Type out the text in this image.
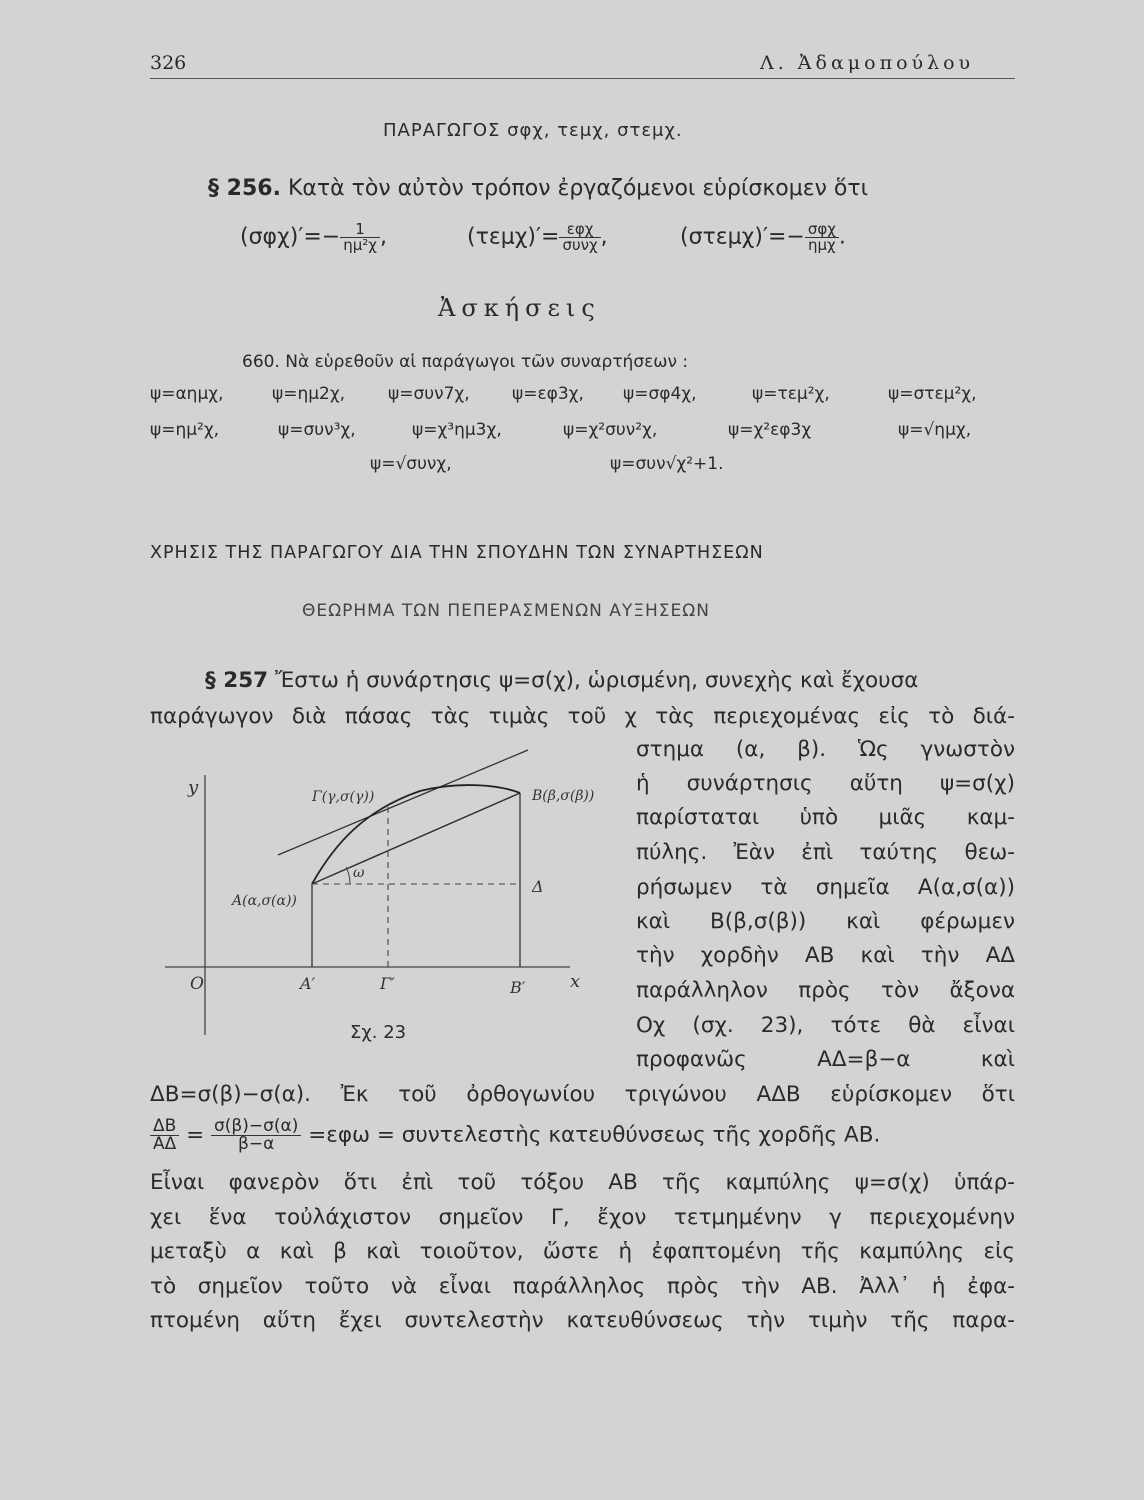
326	Λ. Ἀδαμοπούλου
ΠΑΡΑΓΩΓΟΣ σφχ, τεμχ, στεμχ.
§ 256. Κατὰ τὸν αὐτὸν τρόπον ἐργαζόμενοι εὑρίσκομεν ὅτι
$(\sigma\varphi\chi)'=- \frac{1}{\text{ημ²χ}}$ ,	$(\tau\varepsilon\mu\chi)'= \frac{\text{εφχ}}{\text{συνχ}}$ ,	$(\sigma\tau\varepsilon\mu\chi)'=- \frac{\text{σφχ}}{\text{ημχ}}$ .
Ἀσκήσεις
660. Νὰ εὑρεθοῦν αἱ παράγωγοι τῶν συναρτήσεων :
ψ=αημχ,	ψ=ημ2χ,	ψ=συν7χ, ψ=εφ3χ, ψ=σφ4χ,	ψ=τεμ²χ,	ψ=στεμ²χ,
ψ=ημ²χ,	ψ=συν³χ,	ψ=χ³ημ3χ,	ψ=χ²συν²χ,	ψ=χ²εφ3χ	ψ=√ημχ,
ψ=√συνχ,	ψ=συν√χ²+1.
ΧΡΗΣΙΣ ΤΗΣ ΠΑΡΑΓΩΓΟΥ ΔΙΑ ΤΗΝ ΣΠΟΥΔΗΝ ΤΩΝ ΣΥΝΑΡΤΗΣΕΩΝ
ΘΕΩΡΗΜΑ ΤΩΝ ΠΕΠΕΡΑΣΜΕΝΩΝ ΑΥΞΗΣΕΩΝ
§ 257 Ἔστω ἡ συνάρτησις ψ=σ(χ), ὡρισμένη, συνεχὴς καὶ ἔχουσα
παράγωγον διὰ πάσας τὰς τιμὰς τοῦ χ τὰς περιεχομένας εἰς τὸ διά-
στημα (α, β). Ὡς γνωστὸν
ἡ συνάρτησις αὕτη ψ=σ(χ)
παρίσταται ὑπὸ μιᾶς καμ-
πύλης. Ἐὰν ἐπὶ ταύτης θεω-
ρήσωμεν τὰ σημεῖα Α(α,σ(α))
καὶ Β(β,σ(β)) καὶ φέρωμεν
τὴν χορδὴν ΑΒ καὶ τὴν ΑΔ
παράλληλον πρὸς τὸν ἄξονα
Οχ (σχ. 23), τότε θὰ εἶναι
προφανῶς ΑΔ=β−α καὶ
y
x
O
A(α,σ(α))
B(β,σ(β))
Γ(γ,σ(γ))
Δ
ω
A′	Γ′	B′
Σχ. 23
ΔΒ=σ(β)−σ(α). Ἐκ τοῦ ὀρθογωνίου τριγώνου ΑΔΒ εὑρίσκομεν ὅτι
$\frac{\Delta B}{A\Delta} = \frac{\sigma(\beta)-\sigma(\alpha)}{\beta-\alpha} =\varepsilon\varphi\omega$ = συντελεστὴς κατευθύνσεως τῆς χορδῆς ΑΒ.
Εἶναι φανερὸν ὅτι ἐπὶ τοῦ τόξου ΑΒ τῆς καμπύλης ψ=σ(χ) ὑπάρ-
χει ἕνα τοὐλάχιστον σημεῖον Γ, ἔχον τετμημένην γ περιεχομένην
μεταξὺ α καὶ β καὶ τοιοῦτον, ὥστε ἡ ἐφαπτομένη τῆς καμπύλης εἰς
τὸ σημεῖον τοῦτο νὰ εἶναι παράλληλος πρὸς τὴν ΑΒ. Ἀλλ᾽ ἡ ἐφα-
πτομένη αὕτη ἔχει συντελεστὴν κατευθύνσεως τὴν τιμὴν τῆς παρα-
